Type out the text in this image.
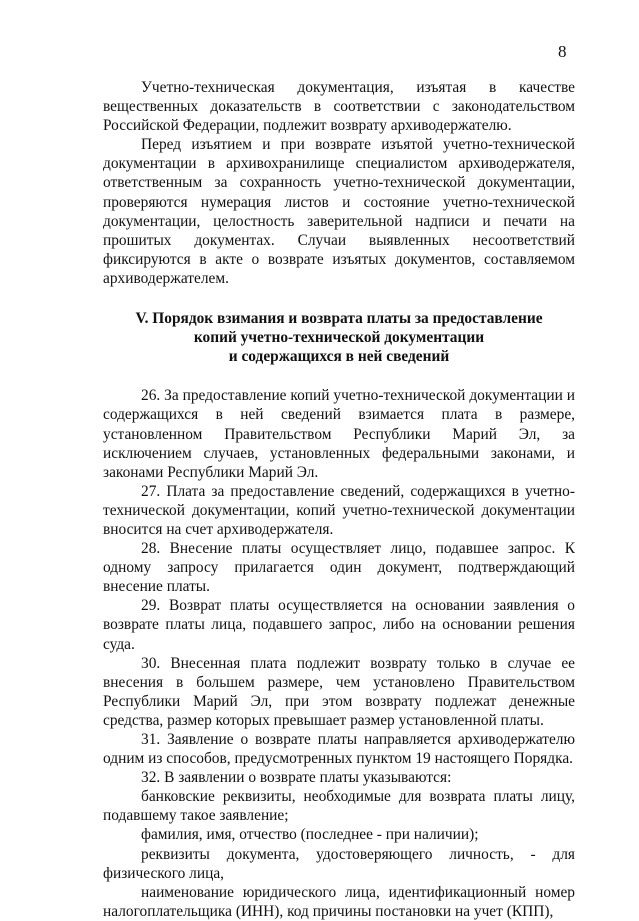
8

Учетно-техническая документация, изъятая в качестве вещественных доказательств в соответствии с законодательством Российской Федерации, подлежит возврату архиводержателю.

Перед изъятием и при возврате изъятой учетно-технической документации в архивохранилище специалистом архиводержателя, ответственным за сохранность учетно-технической документации, проверяются нумерация листов и состояние учетно-технической документации, целостность заверительной надписи и печати на прошитых документах. Случаи выявленных несоответствий фиксируются в акте о возврате изъятых документов, составляемом архиводержателем.

V. Порядок взимания и возврата платы за предоставление

копий учетно-технической документации

и содержащихся в ней сведений

26. За предоставление копий учетно-технической документации и содержащихся в ней сведений взимается плата в размере, установленном Правительством Республики Марий Эл, за исключением случаев, установленных федеральными законами, и законами Республики Марий Эл.

27. Плата за предоставление сведений, содержащихся в учетно-технической документации, копий учетно-технической документации вносится на счет архиводержателя.

28. Внесение платы осуществляет лицо, подавшее запрос. К одному запросу прилагается один документ, подтверждающий внесение платы.

29. Возврат платы осуществляется на основании заявления о возврате платы лица, подавшего запрос, либо на основании решения суда.

30. Внесенная плата подлежит возврату только в случае ее внесения в большем размере, чем установлено Правительством Республики Марий Эл, при этом возврату подлежат денежные средства, размер которых превышает размер установленной платы.

31. Заявление о возврате платы направляется архиводержателю одним из способов, предусмотренных пунктом 19 настоящего Порядка.

32. В заявлении о возврате платы указываются:

банковские реквизиты, необходимые для возврата платы лицу, подавшему такое заявление;

фамилия, имя, отчество (последнее - при наличии);

реквизиты документа, удостоверяющего личность, - для физического лица,

наименование юридического лица, идентификационный номер налогоплательщика (ИНН), код причины постановки на учет (КПП),
